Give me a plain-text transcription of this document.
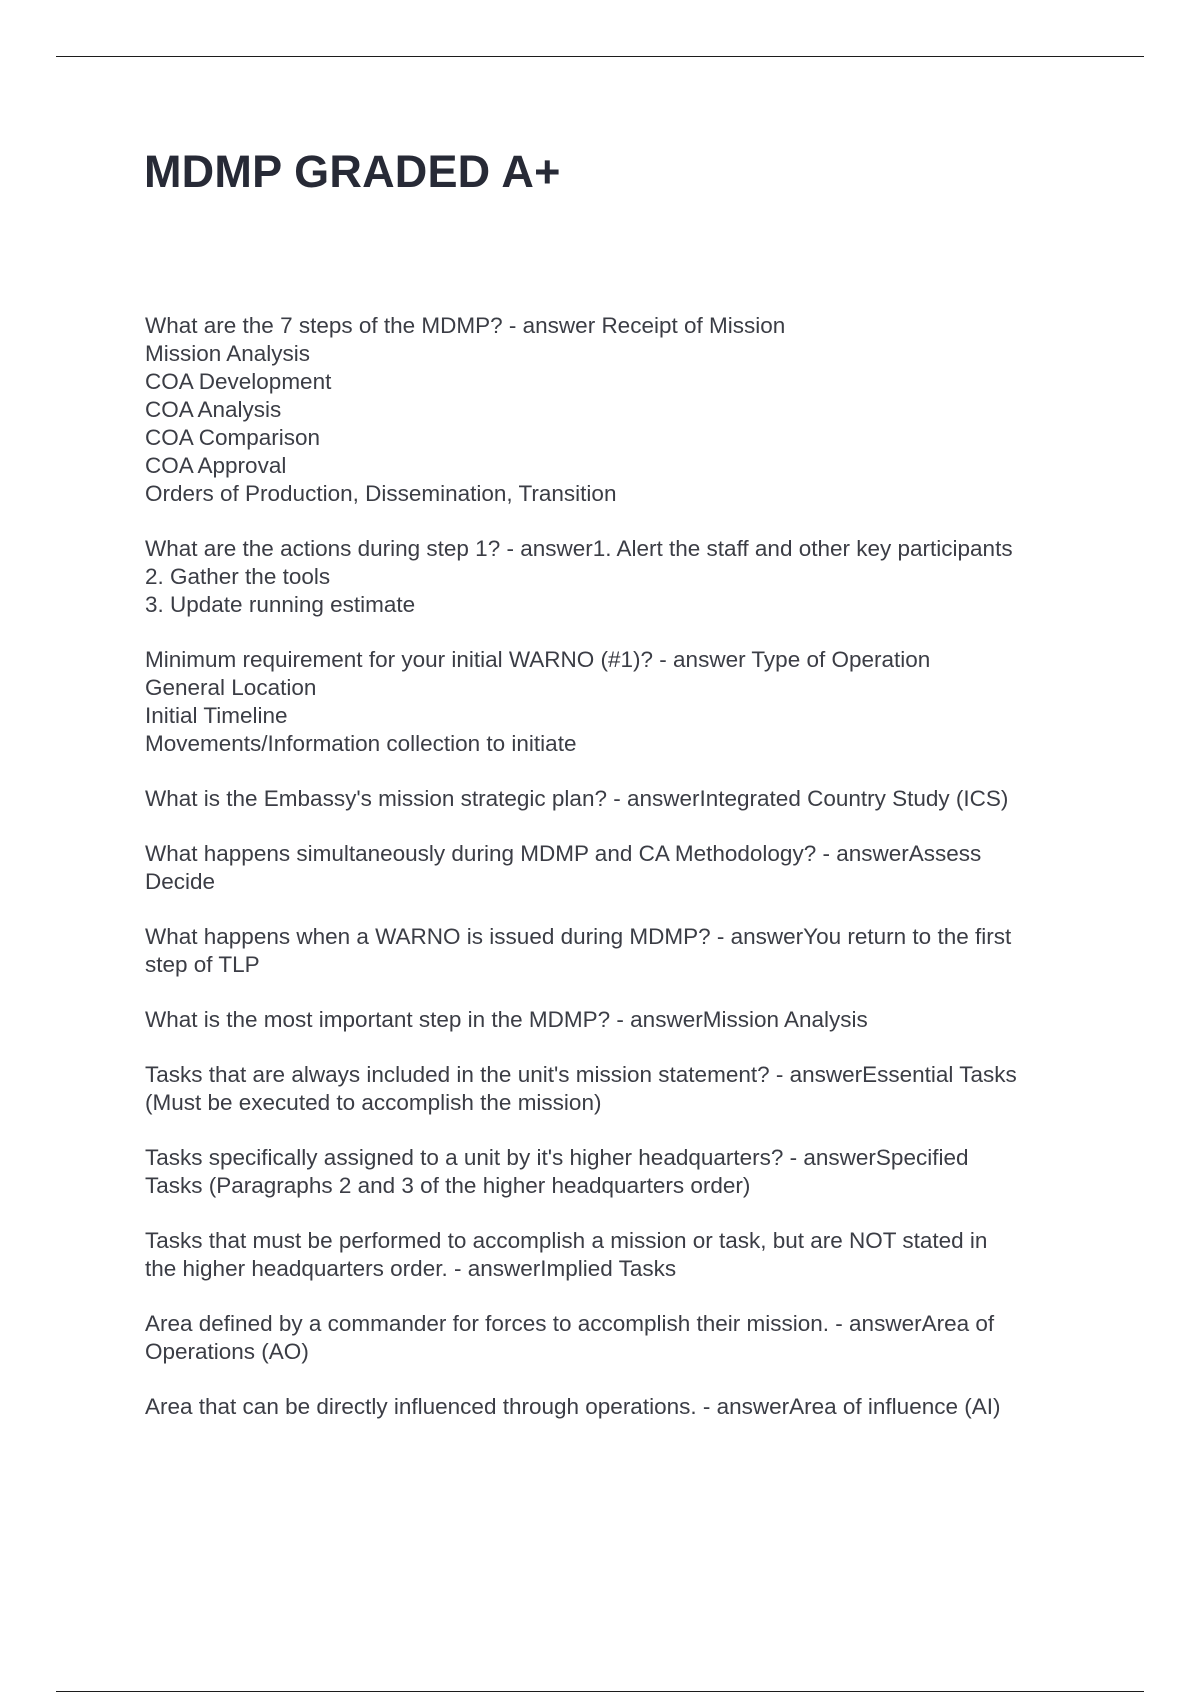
MDMP GRADED A+

What are the 7 steps of the MDMP? - answer Receipt of Mission
Mission Analysis
COA Development
COA Analysis
COA Comparison
COA Approval
Orders of Production, Dissemination, Transition

What are the actions during step 1? - answer1. Alert the staff and other key participants
2. Gather the tools
3. Update running estimate

Minimum requirement for your initial WARNO (#1)? - answer Type of Operation
General Location
Initial Timeline
Movements/Information collection to initiate

What is the Embassy's mission strategic plan? - answerIntegrated Country Study (ICS)

What happens simultaneously during MDMP and CA Methodology? - answerAssess
Decide

What happens when a WARNO is issued during MDMP? - answerYou return to the first
step of TLP

What is the most important step in the MDMP? - answerMission Analysis

Tasks that are always included in the unit's mission statement? - answerEssential Tasks
(Must be executed to accomplish the mission)

Tasks specifically assigned to a unit by it's higher headquarters? - answerSpecified
Tasks (Paragraphs 2 and 3 of the higher headquarters order)

Tasks that must be performed to accomplish a mission or task, but are NOT stated in
the higher headquarters order. - answerImplied Tasks

Area defined by a commander for forces to accomplish their mission. - answerArea of
Operations (AO)

Area that can be directly influenced through operations. - answerArea of influence (AI)
